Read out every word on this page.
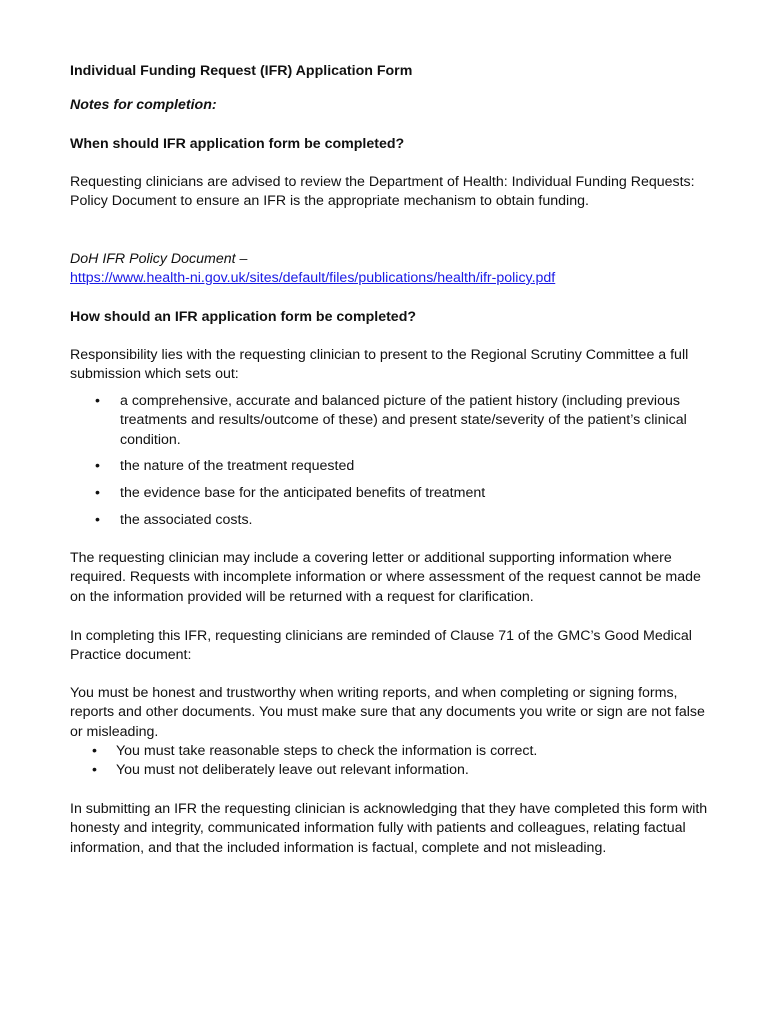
Individual Funding Request (IFR) Application Form

Notes for completion:

When should IFR application form be completed?

Requesting clinicians are advised to review the Department of Health: Individual Funding Requests: Policy Document to ensure an IFR is the appropriate mechanism to obtain funding.

DoH IFR Policy Document –

https://www.health-ni.gov.uk/sites/default/files/publications/health/ifr-policy.pdf

How should an IFR application form be completed?

Responsibility lies with the requesting clinician to present to the Regional Scrutiny Committee a full submission which sets out:

• a comprehensive, accurate and balanced picture of the patient history (including previous treatments and results/outcome of these) and present state/severity of the patient’s clinical condition.
• the nature of the treatment requested
• the evidence base for the anticipated benefits of treatment
• the associated costs.

The requesting clinician may include a covering letter or additional supporting information where required. Requests with incomplete information or where assessment of the request cannot be made on the information provided will be returned with a request for clarification.

In completing this IFR, requesting clinicians are reminded of Clause 71 of the GMC’s Good Medical Practice document:

You must be honest and trustworthy when writing reports, and when completing or signing forms, reports and other documents. You must make sure that any documents you write or sign are not false or misleading.

• You must take reasonable steps to check the information is correct.
• You must not deliberately leave out relevant information.

In submitting an IFR the requesting clinician is acknowledging that they have completed this form with honesty and integrity, communicated information fully with patients and colleagues, relating factual information, and that the included information is factual, complete and not misleading.
